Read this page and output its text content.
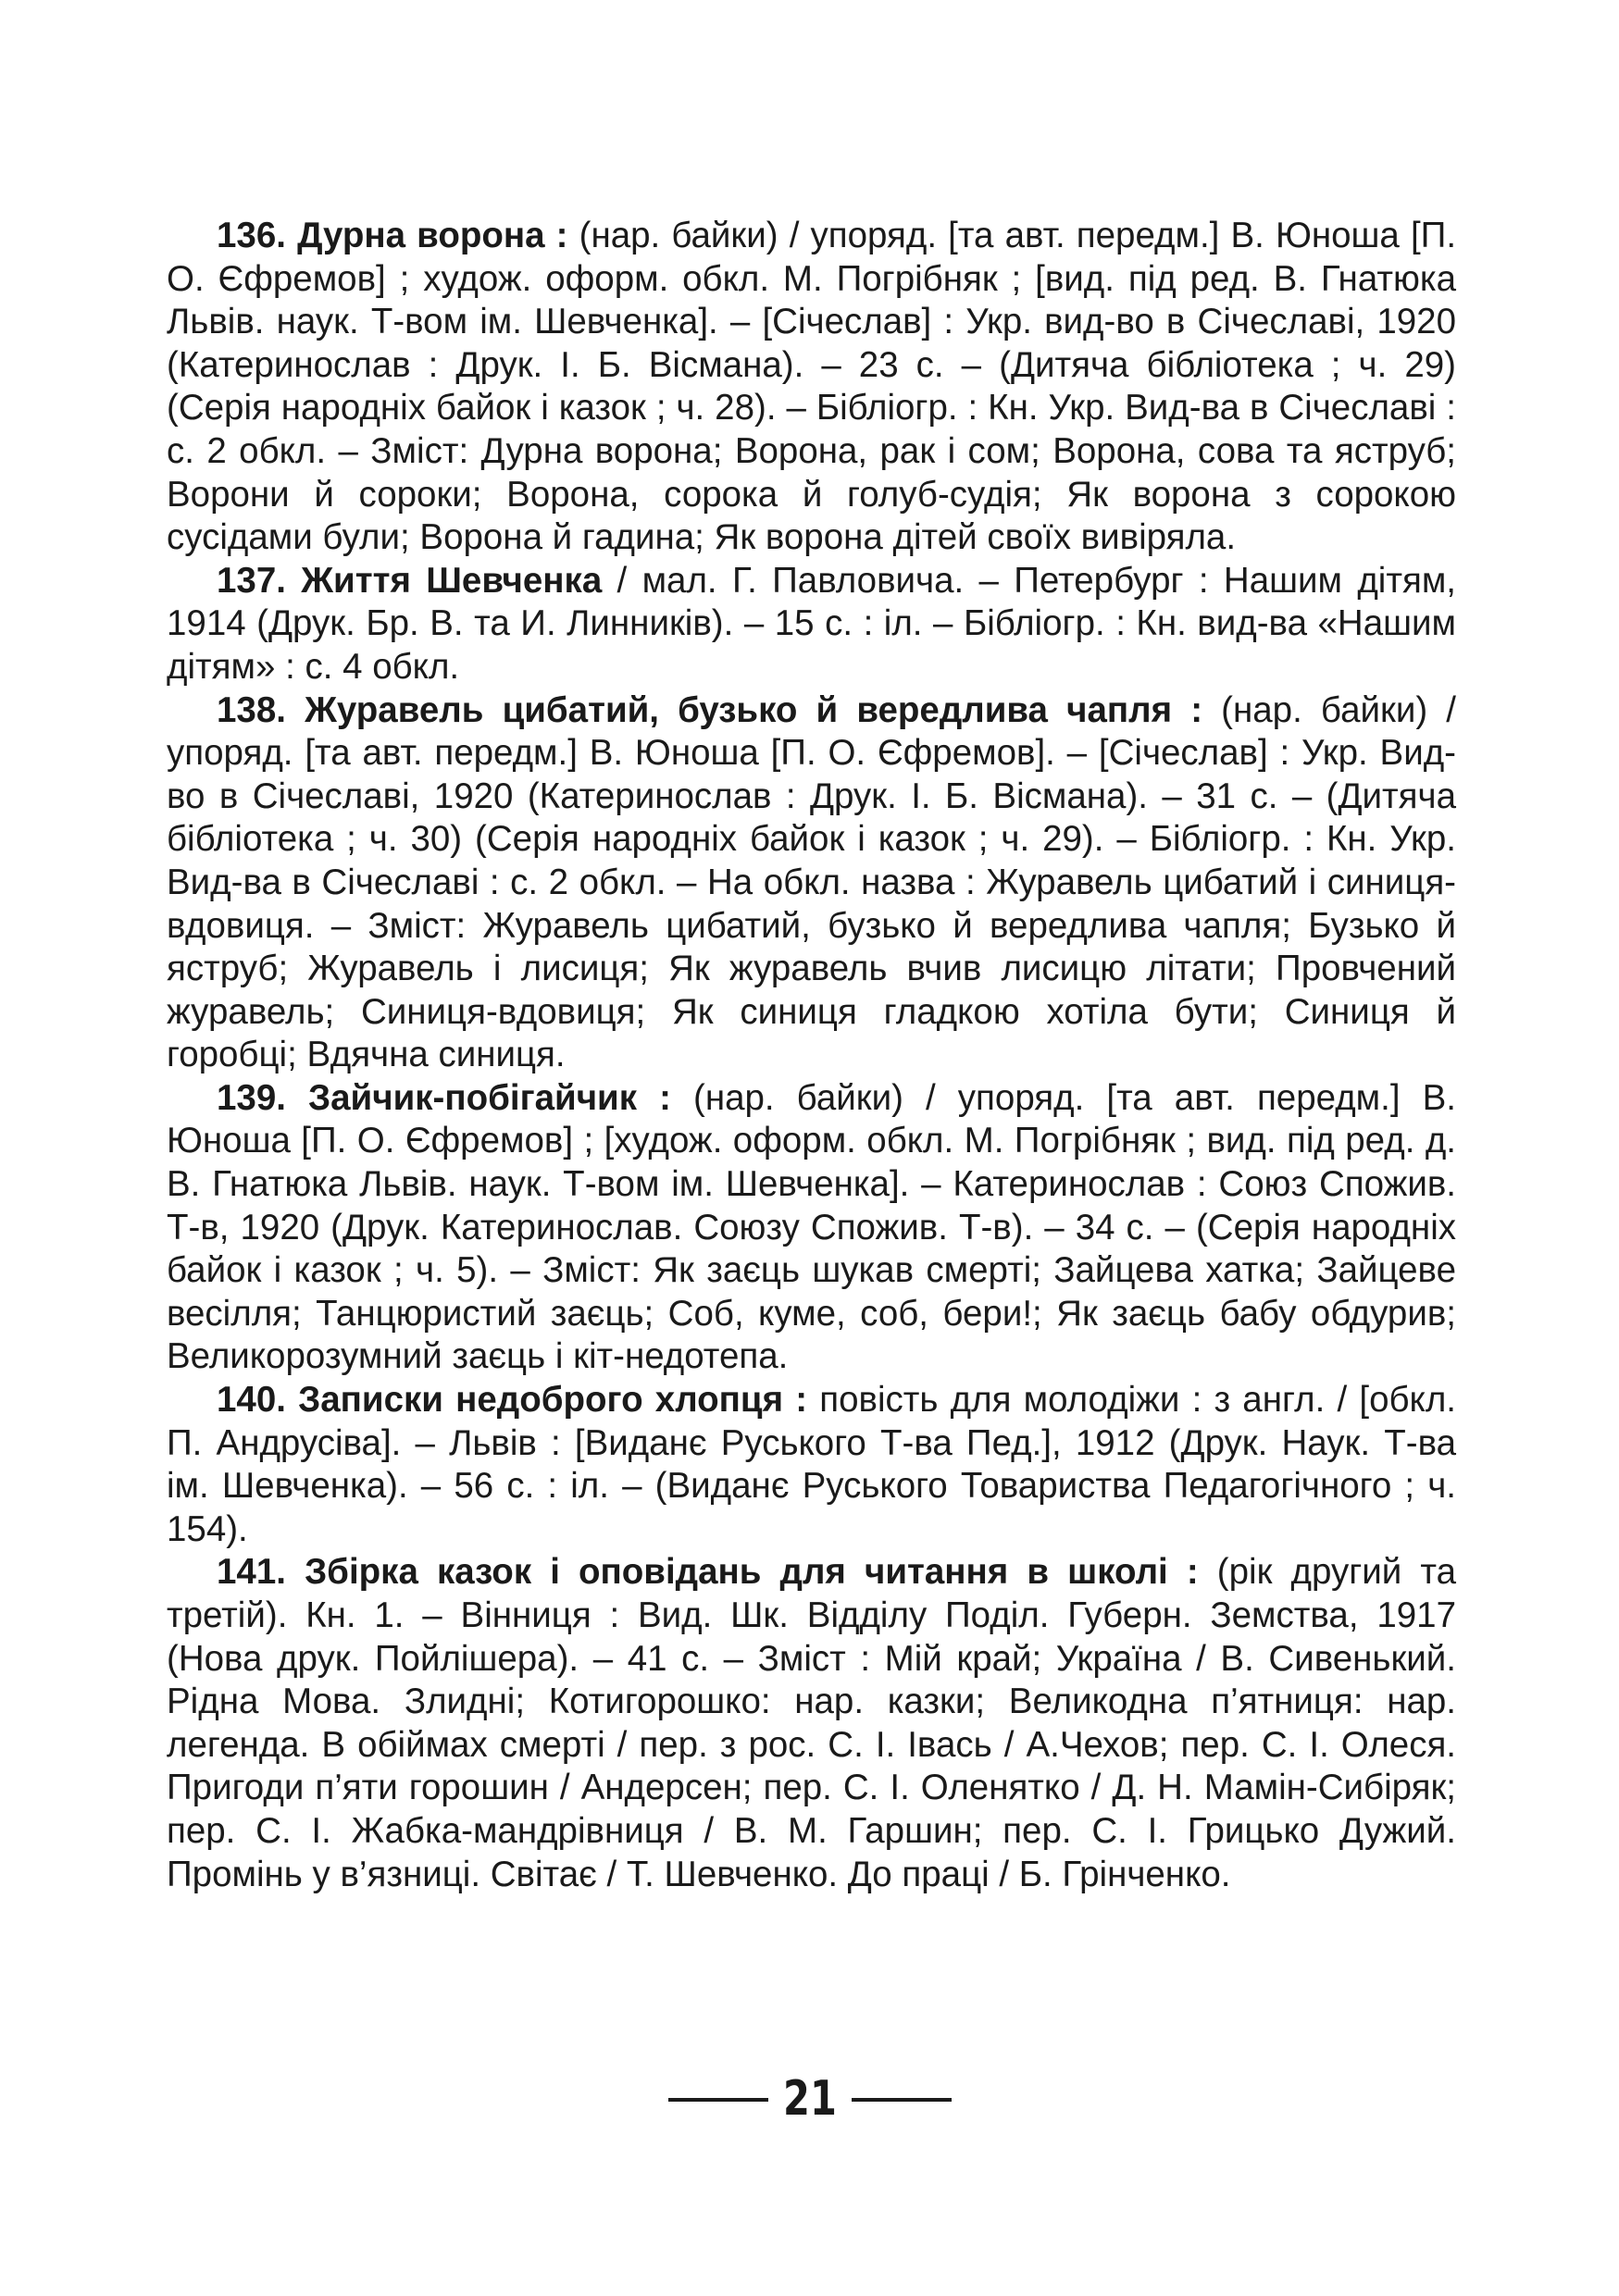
136. Дурна ворона : (нар. байки) / упоряд. [та авт. передм.] В. Юноша [П. О. Єфремов] ; худож. оформ. обкл. М. Погрібняк ; [вид. під ред. В. Гнатюка Львів. наук. Т-вом ім. Шевченка]. – [Січеслав] : Укр. вид-во в Січеславі, 1920 (Катеринослав : Друк. І. Б. Вісмана). – 23 с. – (Дитяча бібліотека ; ч. 29) (Серія народніх байок і казок ; ч. 28). – Бібліогр. : Кн. Укр. Вид-ва в Січеславі : с. 2 обкл. – Зміст: Дурна ворона; Ворона, рак і сом; Ворона, сова та яструб; Ворони й сороки; Ворона, сорока й голуб-судія; Як ворона з сорокою сусідами були; Ворона й гадина; Як ворона дітей своїх вивіряла.

137. Життя Шевченка / мал. Г. Павловича. – Петербург : Нашим дітям, 1914 (Друк. Бр. В. та И. Линників). – 15 с. : іл. – Бібліогр. : Кн. вид-ва «Нашим дітям» : с. 4 обкл.

138. Журавель цибатий, бузько й вередлива чапля : (нар. байки) / упоряд. [та авт. передм.] В. Юноша [П. О. Єфремов]. – [Січеслав] : Укр. Вид-во в Січеславі, 1920 (Катеринослав : Друк. І. Б. Вісмана). – 31 с. – (Дитяча бібліотека ; ч. 30) (Серія народніх байок і казок ; ч. 29). – Бібліогр. : Кн. Укр. Вид-ва в Січеславі : с. 2 обкл. – На обкл. назва : Журавель цибатий і синиця-вдовиця. – Зміст: Журавель цибатий, бузько й вередлива чапля; Бузько й яструб; Журавель і лисиця; Як журавель вчив лисицю літати; Провчений журавель; Синиця-вдовиця; Як синиця гладкою хотіла бути; Синиця й горобці; Вдячна синиця.

139. Зайчик-побігайчик : (нар. байки) / упоряд. [та авт. передм.] В. Юноша [П. О. Єфремов] ; [худож. оформ. обкл. М. Погрібняк ; вид. під ред. д. В. Гнатюка Львів. наук. Т-вом ім. Шевченка]. – Катеринослав : Союз Спожив. Т-в, 1920 (Друк. Катеринослав. Союзу Спожив. Т-в). – 34 с. – (Серія народніх байок і казок ; ч. 5). – Зміст: Як заєць шукав смерті; Зайцева хатка; Зайцеве весілля; Танцюристий заєць; Соб, куме, соб, бери!; Як заєць бабу обдурив; Великорозумний заєць і кіт-недотепа.

140. Записки недоброго хлопця : повість для молодіжи : з англ. / [обкл. П. Андрусіва]. – Львів : [Виданє Руського Т-ва Пед.], 1912 (Друк. Наук. Т-ва ім. Шевченка). – 56 с. : іл. – (Виданє Руського Товариства Педагогічного ; ч. 154).

141. Збірка казок і оповідань для читання в школі : (рік другий та третій). Кн. 1. – Вінниця : Вид. Шк. Відділу Поділ. Губерн. Земства, 1917 (Нова друк. Пойлішера). – 41 с. – Зміст : Мій край; Україна / В. Сивенький. Рідна Мова. Злидні; Котигорошко: нар. казки; Великодна п’ятниця: нар. легенда. В обіймах смерті / пер. з рос. С. І. Івась / А.Чехов; пер. С. І. Олеся. Пригоди п’яти горошин / Андерсен; пер. С. І. Оленятко / Д. Н. Мамін-Сибіряк; пер. С. І. Жабка-мандрівниця / В. М. Гаршин; пер. С. І. Грицько Дужий. Промінь у в’язниці. Світає / Т. Шевченко. До праці / Б. Грінченко.

21
